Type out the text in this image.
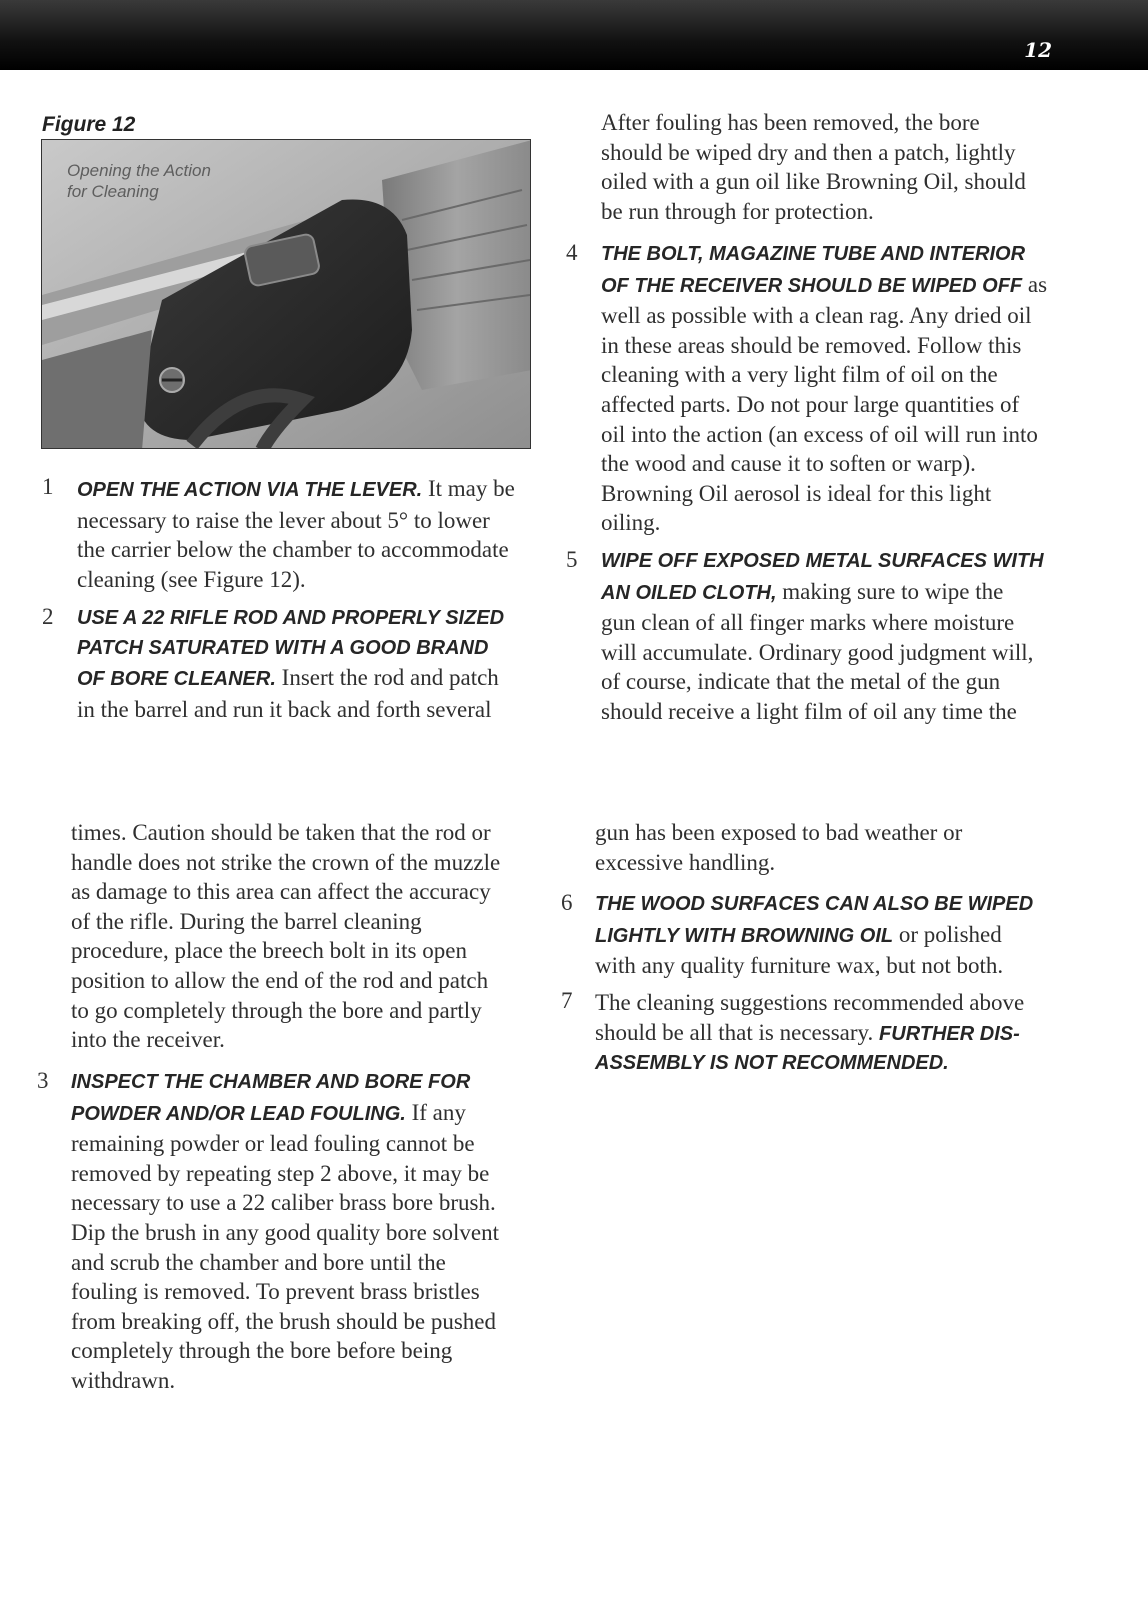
12
Figure 12
Opening the Action
for Cleaning
1 OPEN THE ACTION VIA THE LEVER. It may be
necessary to raise the lever about 5° to lower
the carrier below the chamber to accommodate
cleaning (see Figure 12).
2 USE A 22 RIFLE ROD AND PROPERLY SIZED
PATCH SATURATED WITH A GOOD BRAND
OF BORE CLEANER. Insert the rod and patch
in the barrel and run it back and forth several
times. Caution should be taken that the rod or
handle does not strike the crown of the muzzle
as damage to this area can affect the accuracy
of the rifle. During the barrel cleaning
procedure, place the breech bolt in its open
position to allow the end of the rod and patch
to go completely through the bore and partly
into the receiver.
3 INSPECT THE CHAMBER AND BORE FOR
POWDER AND/OR LEAD FOULING. If any
remaining powder or lead fouling cannot be
removed by repeating step 2 above, it may be
necessary to use a 22 caliber brass bore brush.
Dip the brush in any good quality bore solvent
and scrub the chamber and bore until the
fouling is removed. To prevent brass bristles
from breaking off, the brush should be pushed
completely through the bore before being
withdrawn.
After fouling has been removed, the bore
should be wiped dry and then a patch, lightly
oiled with a gun oil like Browning Oil, should
be run through for protection.
4 THE BOLT, MAGAZINE TUBE AND INTERIOR
OF THE RECEIVER SHOULD BE WIPED OFF as
well as possible with a clean rag. Any dried oil
in these areas should be removed. Follow this
cleaning with a very light film of oil on the
affected parts. Do not pour large quantities of
oil into the action (an excess of oil will run into
the wood and cause it to soften or warp).
Browning Oil aerosol is ideal for this light
oiling.
5 WIPE OFF EXPOSED METAL SURFACES WITH
AN OILED CLOTH, making sure to wipe the
gun clean of all finger marks where moisture
will accumulate. Ordinary good judgment will,
of course, indicate that the metal of the gun
should receive a light film of oil any time the
gun has been exposed to bad weather or
excessive handling.
6 THE WOOD SURFACES CAN ALSO BE WIPED
LIGHTLY WITH BROWNING OIL or polished
with any quality furniture wax, but not both.
7 The cleaning suggestions recommended above
should be all that is necessary. FURTHER DIS-
ASSEMBLY IS NOT RECOMMENDED.
